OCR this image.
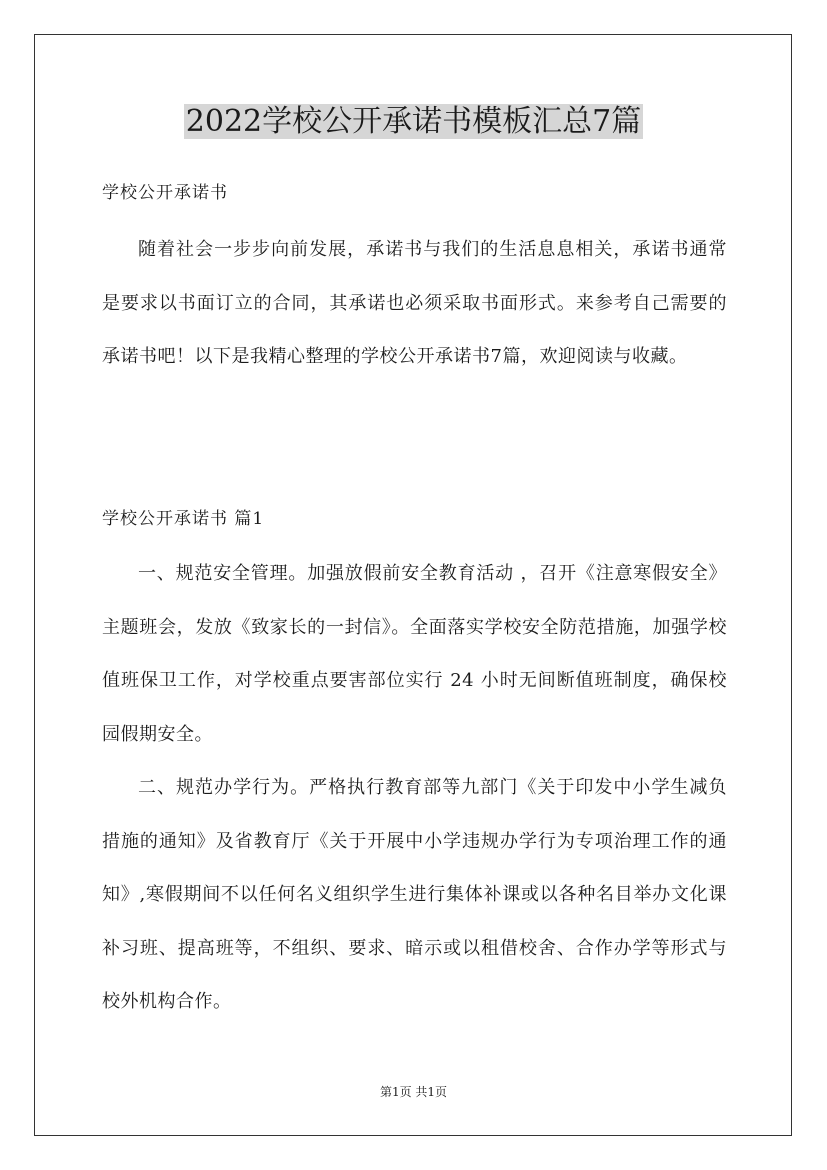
2022学校公开承诺书模板汇总7篇
学校公开承诺书

随着社会一步步向前发展，承诺书与我们的生活息息相关，承诺书通常是要求以书面订立的合同，其承诺也必须采取书面形式。来参考自己需要的承诺书吧！以下是我精心整理的学校公开承诺书7篇，欢迎阅读与收藏。

学校公开承诺书 篇1

一、规范安全管理。加强放假前安全教育活动 ，召开《注意寒假安全》主题班会，发放《致家长的一封信》。全面落实学校安全防范措施，加强学校值班保卫工作，对学校重点要害部位实行 24 小时无间断值班制度，确保校园假期安全。

二、规范办学行为。严格执行教育部等九部门《关于印发中小学生减负措施的通知》及省教育厅《关于开展中小学违规办学行为专项治理工作的通知》,寒假期间不以任何名义组织学生进行集体补课或以各种名目举办文化课补习班、提高班等，不组织、要求、暗示或以租借校舍、合作办学等形式与校外机构合作。

第1页 共1页
